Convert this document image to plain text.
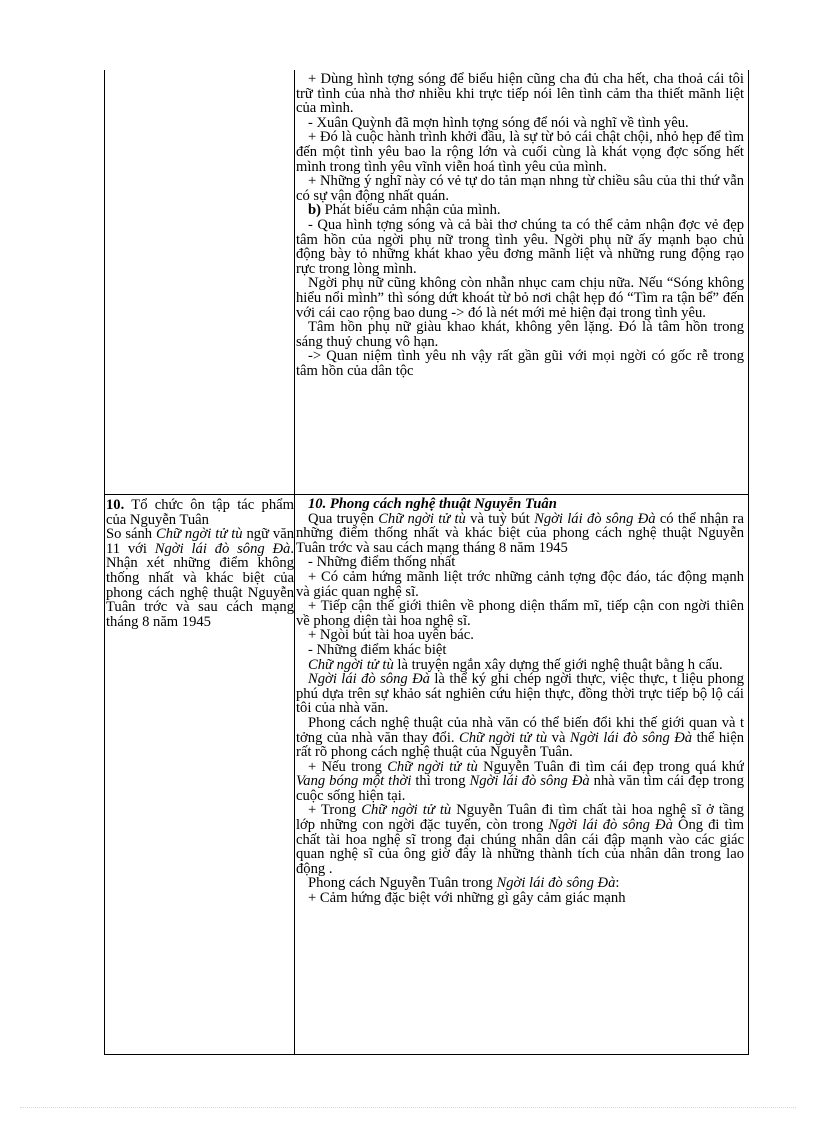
+ Dùng hình tợng sóng để biểu hiện cũng cha đủ cha hết, cha thoả cái tôi trữ tình của nhà thơ nhiều khi trực tiếp nói lên tình cảm tha thiết mãnh liệt của mình.

- Xuân Quỳnh đã mợn hình tợng sóng để nói và nghĩ về tình yêu.

+ Đó là cuộc hành trình khởi đầu, là sự từ bỏ cái chật chội, nhỏ hẹp để tìm đến một tình yêu bao la rộng lớn và cuối cùng là khát vọng đợc sống hết mình trong tình yêu vĩnh viễn hoá tình yêu của mình.

+ Những ý nghĩ này có vẻ tự do tản mạn nhng từ chiều sâu của thi thứ vẫn có sự vận động nhất quán.

b) Phát biểu cảm nhận của mình.

- Qua hình tợng sóng và cả bài thơ chúng ta có thể cảm nhận đợc vẻ đẹp tâm hồn của ngời phụ nữ trong tình yêu. Ngời phụ nữ ấy mạnh bạo chủ động bày tỏ những khát khao yêu đơng mãnh liệt và những rung động rạo rực trong lòng mình.

Ngời phụ nữ cũng không còn nhẫn nhục cam chịu nữa. Nếu “Sóng không hiểu nổi mình” thì sóng dứt khoát từ bỏ nơi chật hẹp đó “Tìm ra tận bể” đến với cái cao rộng bao dung -> đó là nét mới mẻ hiện đại trong tình yêu.

Tâm hồn phụ nữ giàu khao khát, không yên lặng. Đó là tâm hồn trong sáng thuỷ chung vô hạn.

-> Quan niệm tình yêu nh vậy rất gần gũi với mọi ngời có gốc rễ trong tâm hồn của dân tộc

10. Tổ chức ôn tập tác phẩm của Nguyễn Tuân

So sánh Chữ ngời tử tù ngữ văn 11 với Ngời lái đò sông Đà. Nhận xét những điểm không thống nhất và khác biệt của phong cách nghệ thuật Nguyễn Tuân trớc và sau cách mạng tháng 8 năm 1945

10. Phong cách nghệ thuật Nguyễn Tuân

Qua truyện Chữ ngời tử tù và tuỳ bút Ngời lái đò sông Đà có thể nhận ra những điểm thống nhất và khác biệt của phong cách nghệ thuật Nguyễn Tuân trớc và sau cách mạng tháng 8 năm 1945

- Những điểm thống nhất

+ Có cảm hứng mãnh liệt trớc những cảnh tợng độc đáo, tác động mạnh và giác quan nghệ sĩ.

+ Tiếp cận thế giới thiên về phong diện thẩm mĩ, tiếp cận con ngời thiên về phong diện tài hoa nghệ sĩ.

+ Ngòi bút tài hoa uyên bác.

- Những điểm khác biệt

Chữ ngời tử tù là truyện ngắn xây dựng thế giới nghệ thuật bằng h cấu.

Ngời lái đò sông Đà là thể ký ghi chép ngời thực, việc thực, t liệu phong phú dựa trên sự khảo sát nghiên cứu hiện thực, đồng thời trực tiếp bộ lộ cái tôi của nhà văn.

Phong cách nghệ thuật của nhà văn có thể biến đổi khi thế giới quan và t tởng của nhà văn thay đổi. Chữ ngời tử tù và Ngời lái đò sông Đà thể hiện rất rõ phong cách nghệ thuật của Nguyễn Tuân.

+ Nếu trong Chữ ngời tử tù Nguyễn Tuân đi tìm cái đẹp trong quá khứ Vang bóng một thời thì trong Ngời lái đò sông Đà nhà văn tìm cái đẹp trong cuộc sống hiện tại.

+ Trong Chữ ngời tử tù Nguyễn Tuân đi tìm chất tài hoa nghệ sĩ ở tầng lớp những con ngời đặc tuyển, còn trong Ngời lái đò sông Đà Ông đi tìm chất tài hoa nghệ sĩ trong đại chúng nhân dân cái đập mạnh vào các giác quan nghệ sĩ của ông giờ đây là những thành tích của nhân dân trong lao động .

Phong cách Nguyễn Tuân trong Ngời lái đò sông Đà:

+ Cảm hứng đặc biệt với những gì gây cảm giác mạnh
